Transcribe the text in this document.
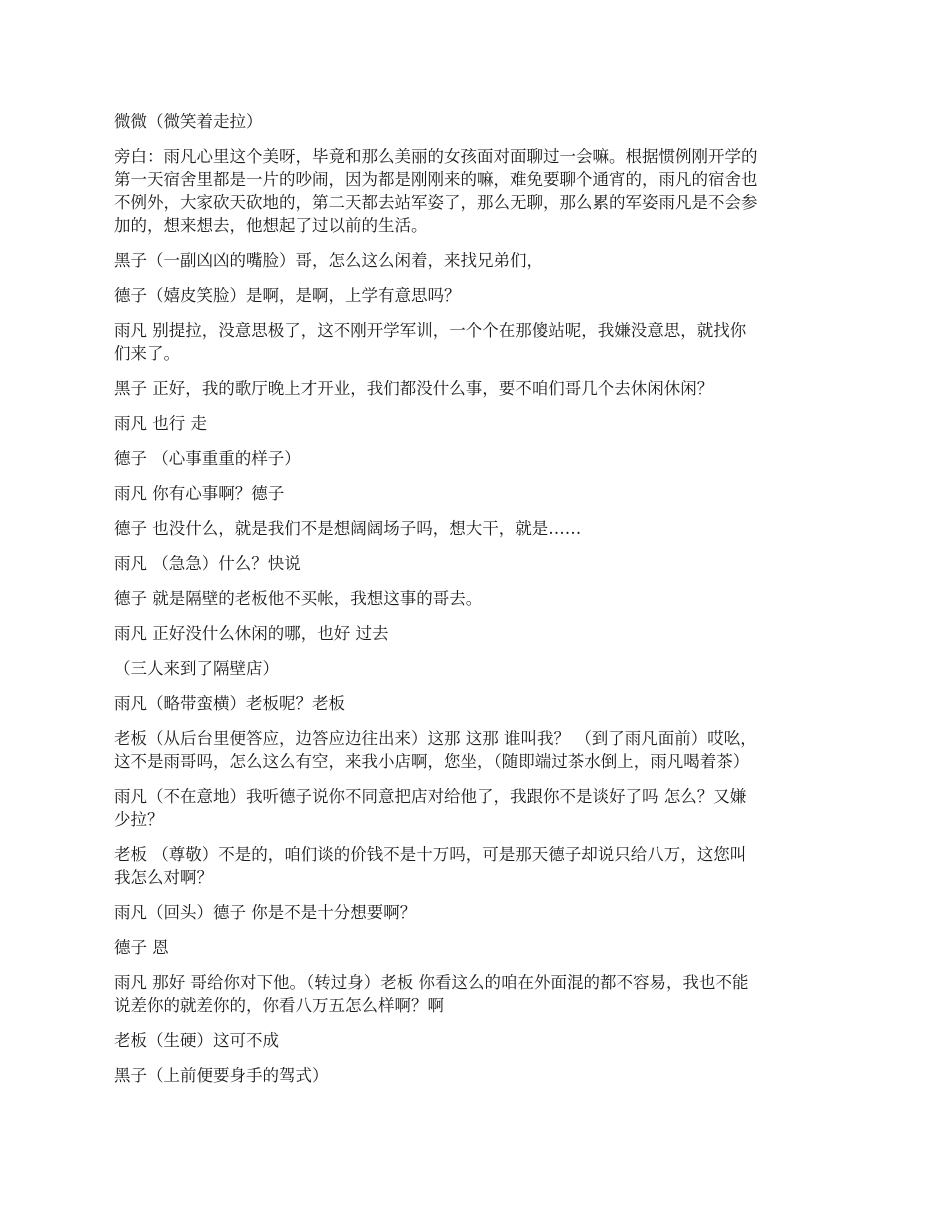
微微（微笑着走拉）

旁白：雨凡心里这个美呀，毕竟和那么美丽的女孩面对面聊过一会嘛。根据惯例刚开学的
第一天宿舍里都是一片的吵闹，因为都是刚刚来的嘛，难免要聊个通宵的，雨凡的宿舍也
不例外，大家砍天砍地的，第二天都去站军姿了，那么无聊，那么累的军姿雨凡是不会参
加的，想来想去，他想起了过以前的生活。

黑子（一副凶凶的嘴脸）哥，怎么这么闲着，来找兄弟们，

德子（嬉皮笑脸）是啊，是啊，上学有意思吗？

雨凡 别提拉，没意思极了，这不刚开学军训，一个个在那傻站呢，我嫌没意思，就找你
们来了。

黑子 正好，我的歌厅晚上才开业，我们都没什么事，要不咱们哥几个去休闲休闲？

雨凡 也行 走

德子 （心事重重的样子）

雨凡 你有心事啊？德子

德子 也没什么，就是我们不是想阔阔场子吗，想大干，就是……

雨凡 （急急）什么？快说

德子 就是隔壁的老板他不买帐，我想这事的哥去。

雨凡 正好没什么休闲的哪，也好 过去

（三人来到了隔壁店）

雨凡（略带蛮横）老板呢？老板

老板（从后台里便答应，边答应边往出来）这那 这那 谁叫我？ （到了雨凡面前）哎吆，
这不是雨哥吗，怎么这么有空，来我小店啊，您坐，（随即端过茶水倒上，雨凡喝着茶）

雨凡（不在意地）我听德子说你不同意把店对给他了，我跟你不是谈好了吗 怎么？又嫌
少拉？

老板 （尊敬）不是的，咱们谈的价钱不是十万吗，可是那天德子却说只给八万，这您叫
我怎么对啊？

雨凡（回头）德子 你是不是十分想要啊？

德子 恩

雨凡 那好 哥给你对下他。（转过身）老板 你看这么的咱在外面混的都不容易，我也不能
说差你的就差你的，你看八万五怎么样啊？啊

老板（生硬）这可不成

黑子（上前便要身手的驾式）
